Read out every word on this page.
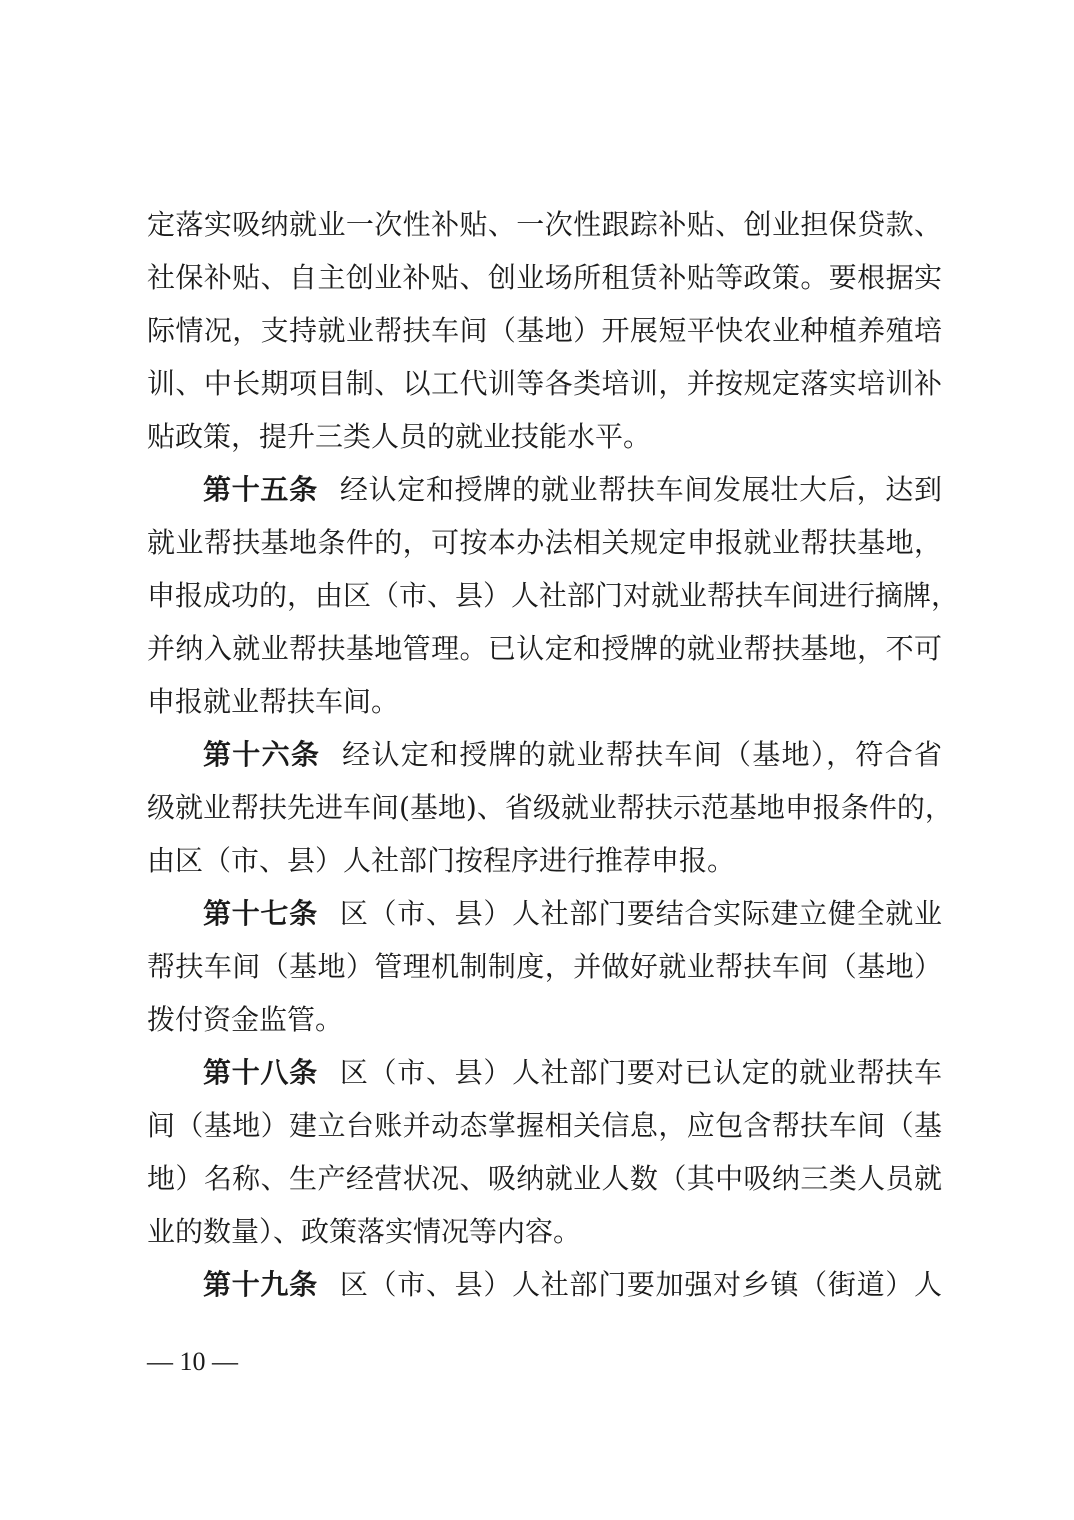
定落实吸纳就业一次性补贴、一次性跟踪补贴、创业担保贷款、
社保补贴、自主创业补贴、创业场所租赁补贴等政策。要根据实
际情况，支持就业帮扶车间（基地）开展短平快农业种植养殖培
训、中长期项目制、以工代训等各类培训，并按规定落实培训补
贴政策，提升三类人员的就业技能水平。
第十五条 经认定和授牌的就业帮扶车间发展壮大后，达到
就业帮扶基地条件的，可按本办法相关规定申报就业帮扶基地，
申报成功的，由区（市、县）人社部门对就业帮扶车间进行摘牌，
并纳入就业帮扶基地管理。已认定和授牌的就业帮扶基地，不可
申报就业帮扶车间。
第十六条 经认定和授牌的就业帮扶车间（基地），符合省
级就业帮扶先进车间(基地)、省级就业帮扶示范基地申报条件的，
由区（市、县）人社部门按程序进行推荐申报。
第十七条 区（市、县）人社部门要结合实际建立健全就业
帮扶车间（基地）管理机制制度，并做好就业帮扶车间（基地）
拨付资金监管。
第十八条 区（市、县）人社部门要对已认定的就业帮扶车
间（基地）建立台账并动态掌握相关信息，应包含帮扶车间（基
地）名称、生产经营状况、吸纳就业人数（其中吸纳三类人员就
业的数量）、政策落实情况等内容。
第十九条 区（市、县）人社部门要加强对乡镇（街道）人
— 10 —
